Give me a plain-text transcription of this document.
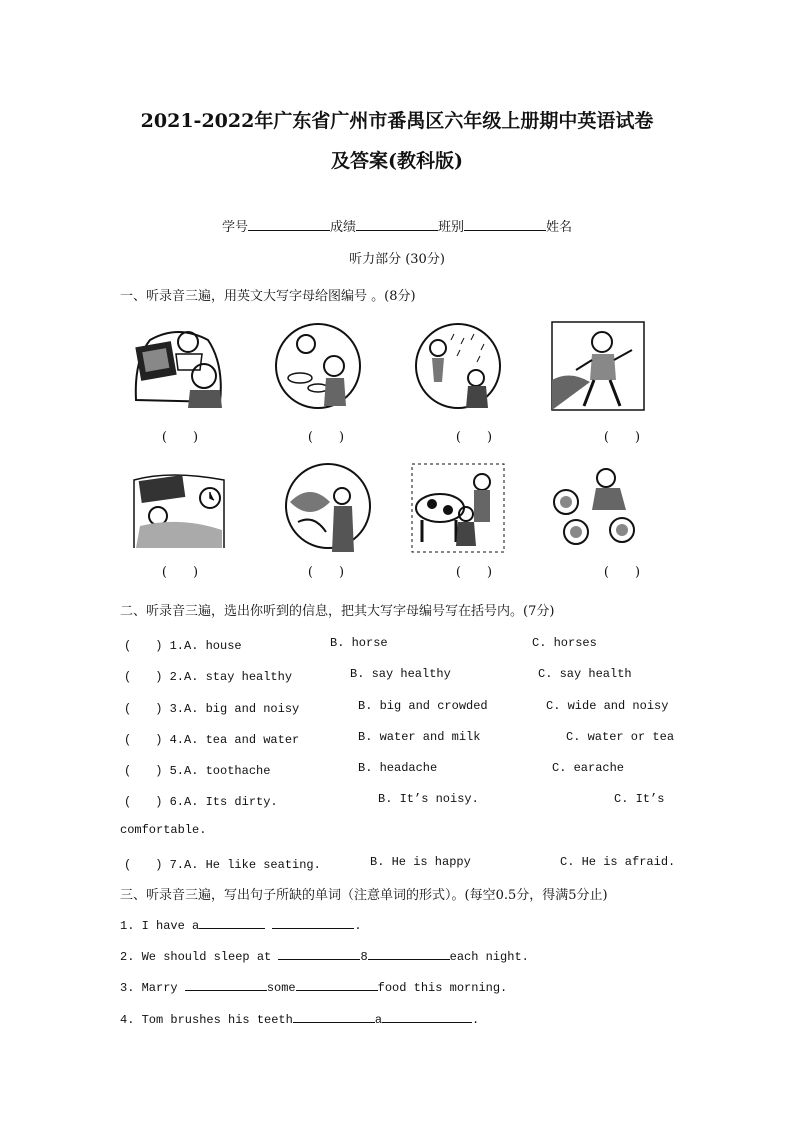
2021-2022年广东省广州市番禺区六年级上册期中英语试卷
及答案(教科版)
学号	成绩	班别	姓名
听力部分 (30分)
一、听录音三遍，用英文大写字母给图编号 。(8分)
(　　)	(　　)	(　　)	(　　)
(　　)	(　　)	(　　)	(　　)
二、听录音三遍，选出你听到的信息，把其大写字母编号写在括号内。(7分)
(　　) 1.A. house	B. horse	C. horses
(　　) 2.A. stay healthy	B. say healthy	C. say health
(　　) 3.A. big and noisy	B. big and crowded	C. wide and noisy
(　　) 4.A. tea and water	B. water and milk	C. water or tea
(　　) 5.A. toothache	B. headache	C. earache
(　　) 6.A. Its dirty.	B. It’s noisy.	C. It’s
comfortable.
(　　) 7.A. He like seating.	B. He is happy	C. He is afraid.
三、听录音三遍，写出句子所缺的单词（注意单词的形式）。(每空0.5分，得满5分止)
1. I have a	.
2. We should sleep at	8	each night.
3. Marry	some	food this morning.
4. Tom brushes his teeth	a	.
